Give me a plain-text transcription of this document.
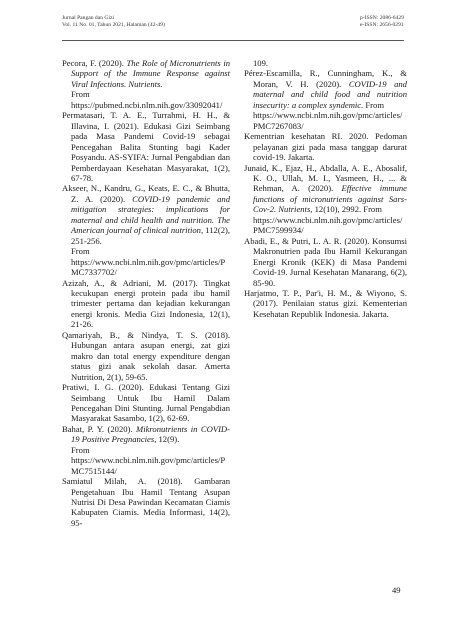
Jurnal Pangan dan Gizi
Vol. 11 No. 01, Tahun 2021, Halaman (42-49)
p-ISSN: 2086-6429
e-ISSN: 2656-0291

Pecora, F. (2020). The Role of Micronutrients in Support of the Immune Response against Viral Infections. Nutrients.
From
https://pubmed.ncbi.nlm.nih.gov/33092041/

Permatasari, T. A. E., Turrahmi, H. H., & Illavina, I. (2021). Edukasi Gizi Seimbang pada Masa Pandemi Covid-19 sebagai Pencegahan Balita Stunting bagi Kader Posyandu. AS-SYIFA: Jurnal Pengabdian dan Pemberdayaan Kesehatan Masyarakat, 1(2), 67-78.

Akseer, N., Kandru, G., Keats, E. C., & Bhutta, Z. A. (2020). COVID-19 pandemic and mitigation strategies: implications for maternal and child health and nutrition. The American journal of clinical nutrition, 112(2), 251-256.
From
https://www.ncbi.nlm.nih.gov/pmc/articles/PMC7337702/

Azizah, A., & Adriani, M. (2017). Tingkat kecukupan energi protein pada ibu hamil trimester pertama dan kejadian kekurangan energi kronis. Media Gizi Indonesia, 12(1), 21-26.

Qamariyah, B., & Nindya, T. S. (2018). Hubungan antara asupan energi, zat gizi makro dan total energy expenditure dengan status gizi anak sekolah dasar. Amerta Nutrition, 2(1), 59-65.

Pratiwi, I. G. (2020). Edukasi Tentang Gizi Seimbang Untuk Ibu Hamil Dalam Pencegahan Dini Stunting. Jurnal Pengabdian Masyarakat Sasambo, 1(2), 62-69.

Bahat, P. Y. (2020). Mikronutrients in COVID-19 Positive Pregnancies, 12(9).
From
https://www.ncbi.nlm.nih.gov/pmc/articles/PMC7515144/

Samiatul Milah, A. (2018). Gambaran Pengetahuan Ibu Hamil Tentang Asupan Nutrisi Di Desa Pawindan Kecamatan Ciamis Kabupaten Ciamis. Media Informasi, 14(2), 95-

109.

Pérez-Escamilla, R., Cunningham, K., & Moran, V. H. (2020). COVID-19 and maternal and child food and nutrition insecurity: a complex syndemic. From
https://www.ncbi.nlm.nih.gov/pmc/articles/PMC7267083/

Kementrian kesehatan RI. 2020. Pedoman pelayanan gizi pada masa tanggap darurat covid-19. Jakarta.

Junaid, K., Ejaz, H., Abdalla, A. E., Abosalif, K. O., Ullah, M. I., Yasmeen, H., ... & Rehman, A. (2020). Effective immune functions of micronutrients against Sars-Cov-2. Nutrients, 12(10), 2992. From
https://www.ncbi.nlm.nih.gov/pmc/articles/PMC7599934/

Abadi, E., & Putri, L. A. R. (2020). Konsumsi Makronutrien pada Ibu Hamil Kekurangan Energi Kronik (KEK) di Masa Pandemi Covid-19. Jurnal Kesehatan Manarang, 6(2), 85-90.

Harjatmo, T. P., Par'i, H. M., & Wiyono, S. (2017). Penilaian status gizi. Kementerian Kesehatan Republik Indonesia. Jakarta.

49
